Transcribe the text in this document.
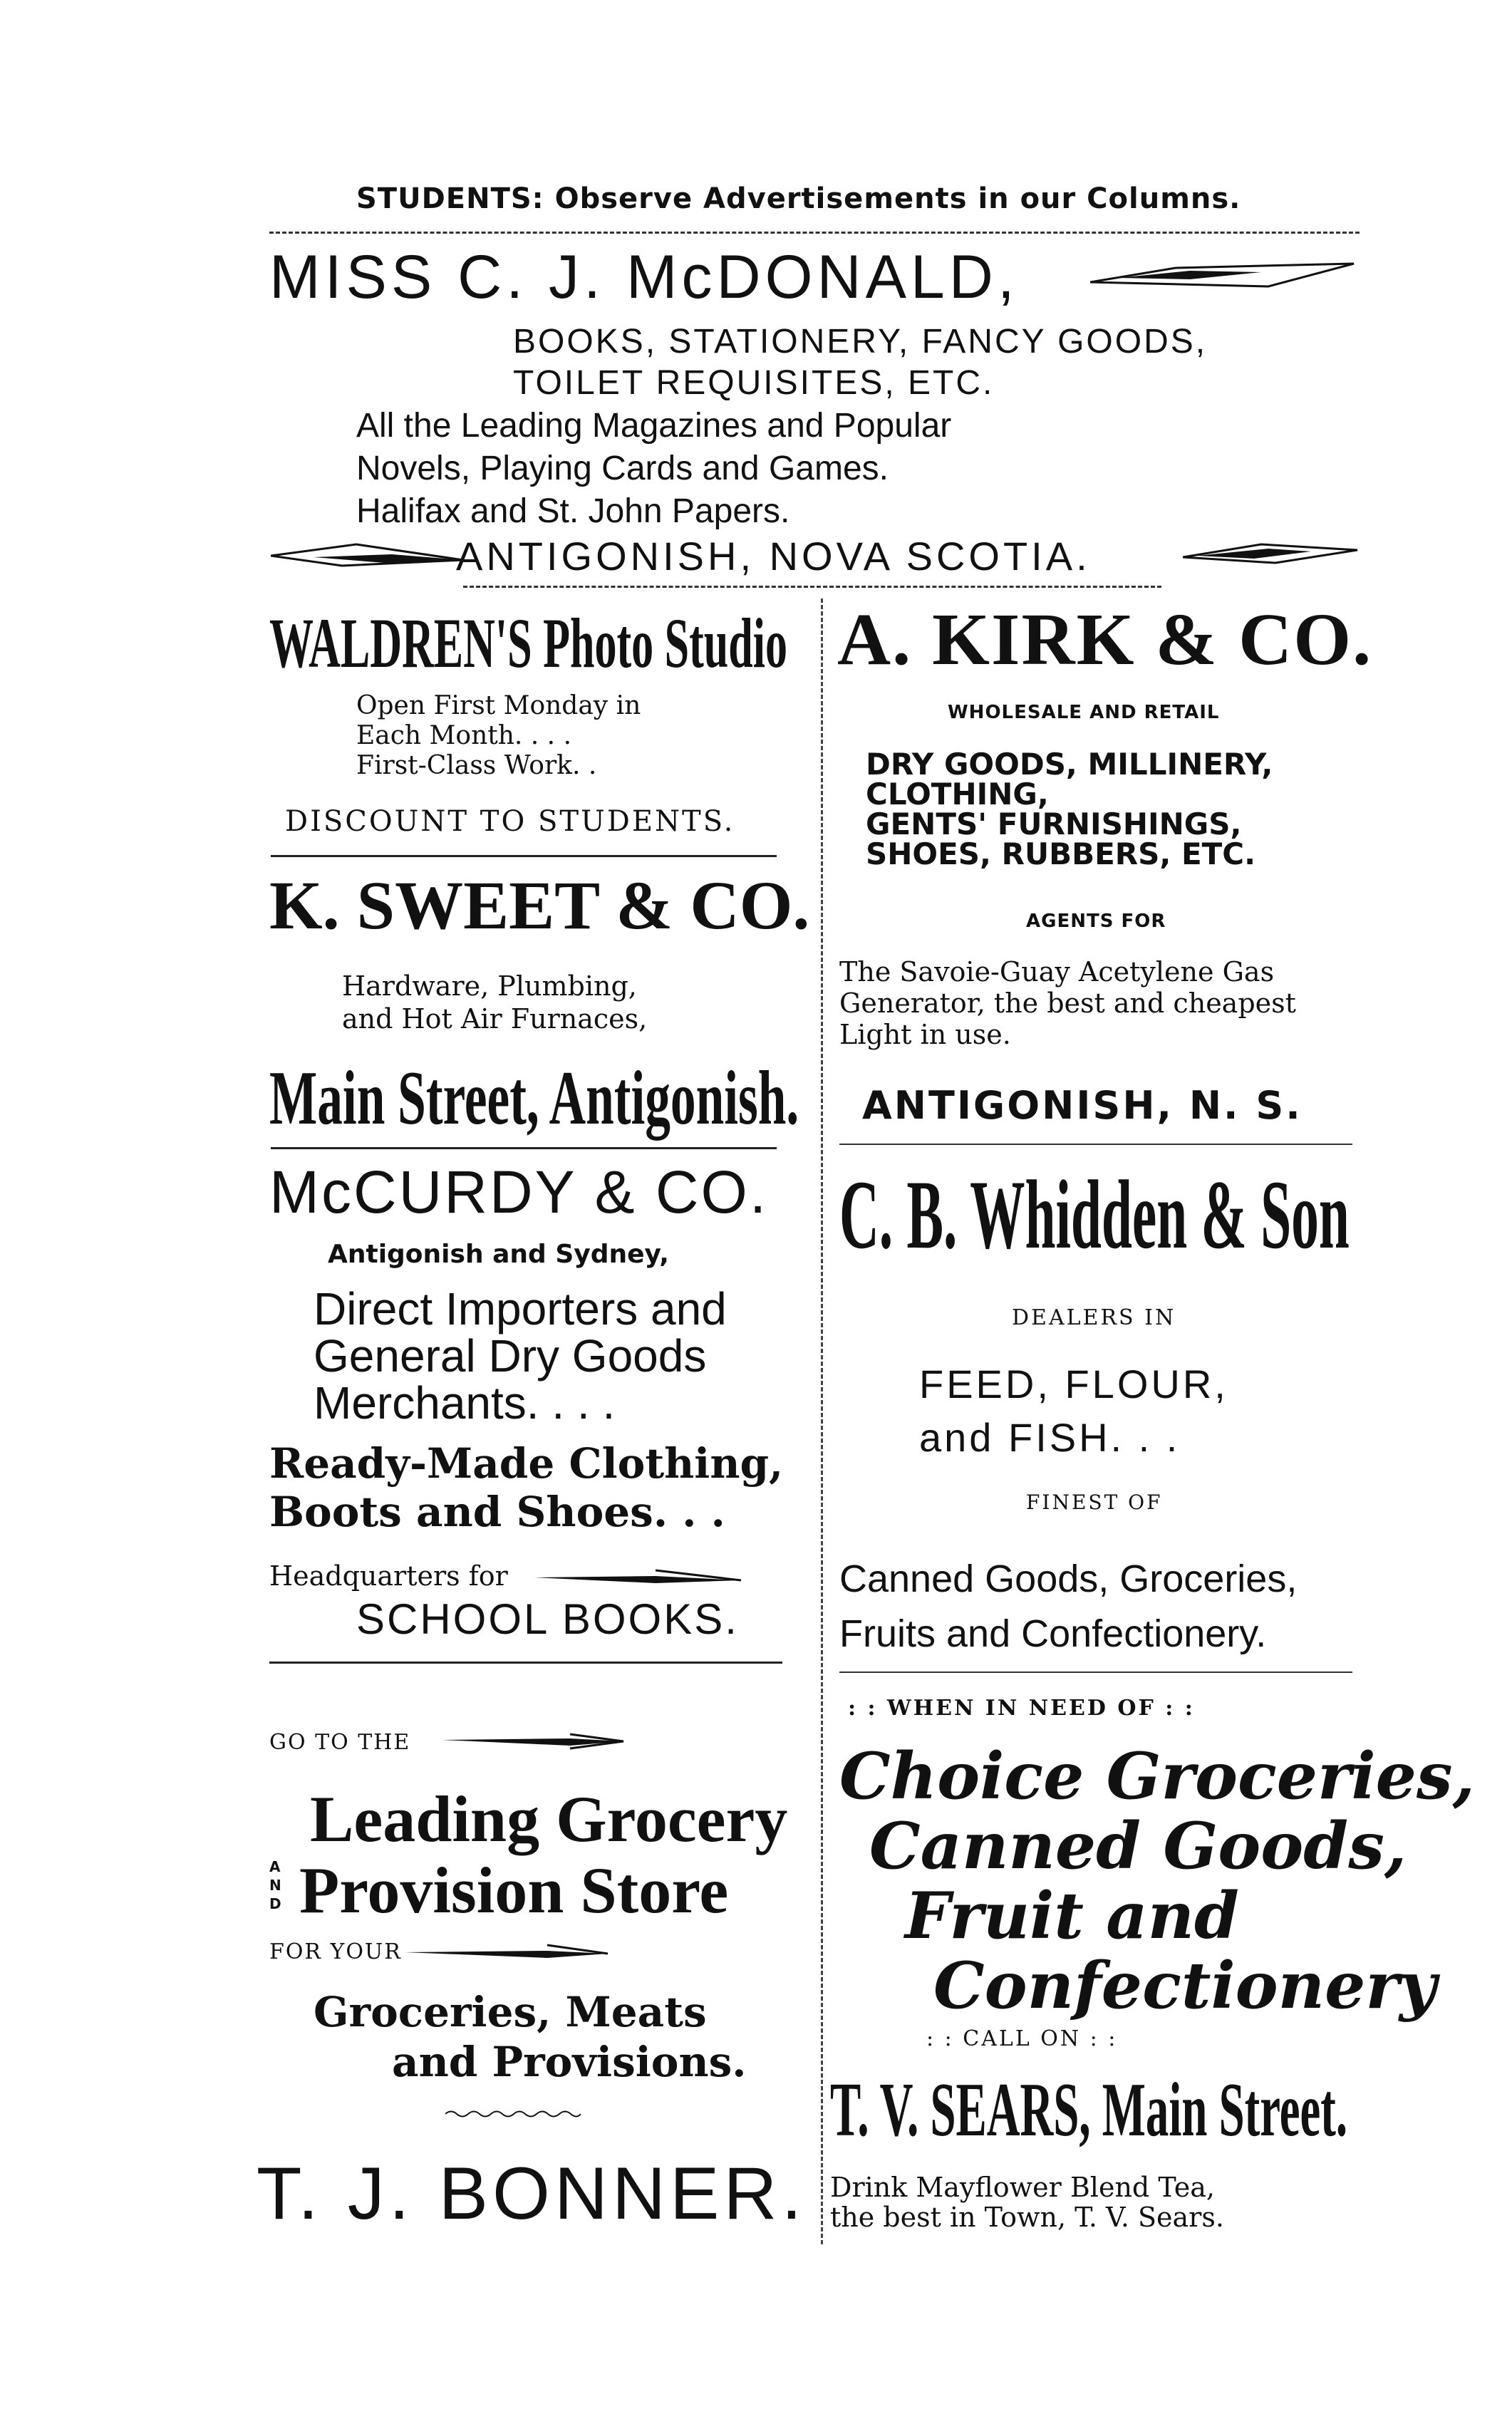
STUDENTS: Observe Advertisements in our Columns.
MISS C. J. McDONALD,
BOOKS, STATIONERY, FANCY GOODS,
TOILET REQUISITES, ETC.
All the Leading Magazines and Popular
Novels, Playing Cards and Games.
Halifax and St. John Papers.
ANTIGONISH, NOVA SCOTIA.
WALDREN'S Photo Studio
Open First Monday in
Each Month. . . .
First-Class Work. .
DISCOUNT TO STUDENTS.
K. SWEET & CO.
Hardware, Plumbing,
and Hot Air Furnaces,
Main Street, Antigonish.
A. KIRK & CO.
WHOLESALE AND RETAIL
DRY GOODS, MILLINERY,
CLOTHING,
GENTS' FURNISHINGS,
SHOES, RUBBERS, ETC.
AGENTS FOR
The Savoie-Guay Acetylene Gas
Generator, the best and cheapest
Light in use.
ANTIGONISH, N. S.
McCURDY & CO.
Antigonish and Sydney,
Direct Importers and
General Dry Goods
Merchants. . . .
Ready-Made Clothing,
Boots and Shoes. . .
Headquarters for
SCHOOL BOOKS.
C. B. Whidden & Son
DEALERS IN
FEED, FLOUR,
and FISH. . .
FINEST OF
Canned Goods, Groceries,
Fruits and Confectionery.
GO TO THE
Leading Grocery
A
N
D Provision Store
FOR YOUR
Groceries, Meats
and Provisions.
T. J. BONNER.
: : WHEN IN NEED OF : :
Choice Groceries,
Canned Goods,
Fruit and
Confectionery
: : CALL ON : :
T. V. SEARS, Main Street.
Drink Mayflower Blend Tea,
the best in Town, T. V. Sears.
